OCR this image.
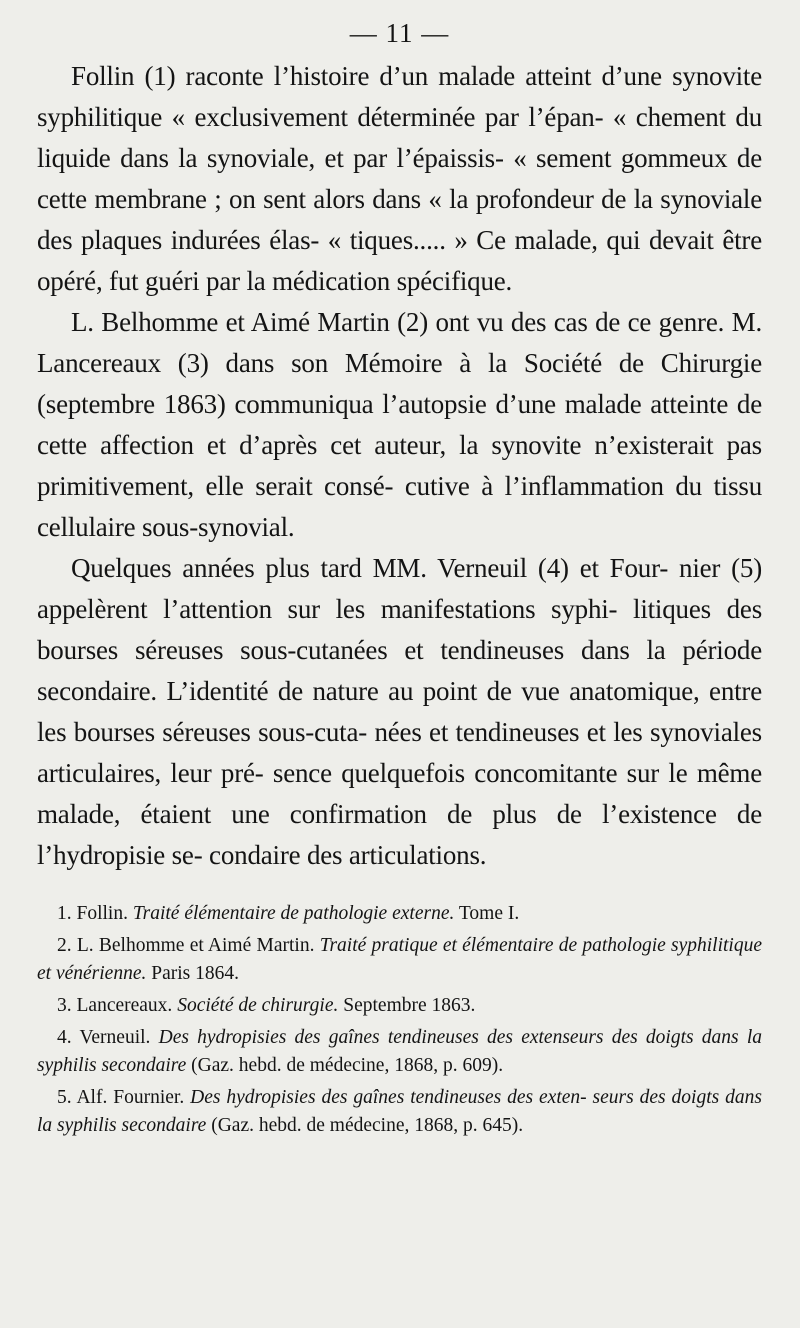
— 11 —

Follin (1) raconte l’histoire d’un malade atteint d’une synovite syphilitique « exclusivement déterminée par l’épan- « chement du liquide dans la synoviale, et par l’épaissis- « sement gommeux de cette membrane ; on sent alors dans « la profondeur de la synoviale des plaques indurées élas- « tiques..... » Ce malade, qui devait être opéré, fut guéri par la médication spécifique.

L. Belhomme et Aimé Martin (2) ont vu des cas de ce genre. M. Lancereaux (3) dans son Mémoire à la Société de Chirurgie (septembre 1863) communiqua l’autopsie d’une malade atteinte de cette affection et d’après cet auteur, la synovite n’existerait pas primitivement, elle serait consé- cutive à l’inflammation du tissu cellulaire sous-synovial.

Quelques années plus tard MM. Verneuil (4) et Four- nier (5) appelèrent l’attention sur les manifestations syphi- litiques des bourses séreuses sous-cutanées et tendineuses dans la période secondaire. L’identité de nature au point de vue anatomique, entre les bourses séreuses sous-cuta- nées et tendineuses et les synoviales articulaires, leur pré- sence quelquefois concomitante sur le même malade, étaient une confirmation de plus de l’existence de l’hydropisie se- condaire des articulations.

1. Follin. Traité élémentaire de pathologie externe. Tome I.

2. L. Belhomme et Aimé Martin. Traité pratique et élémentaire de pathologie syphilitique et vénérienne. Paris 1864.

3. Lancereaux. Société de chirurgie. Septembre 1863.

4. Verneuil. Des hydropisies des gaînes tendineuses des extenseurs des doigts dans la syphilis secondaire (Gaz. hebd. de médecine, 1868, p. 609).

5. Alf. Fournier. Des hydropisies des gaînes tendineuses des exten- seurs des doigts dans la syphilis secondaire (Gaz. hebd. de médecine, 1868, p. 645).
